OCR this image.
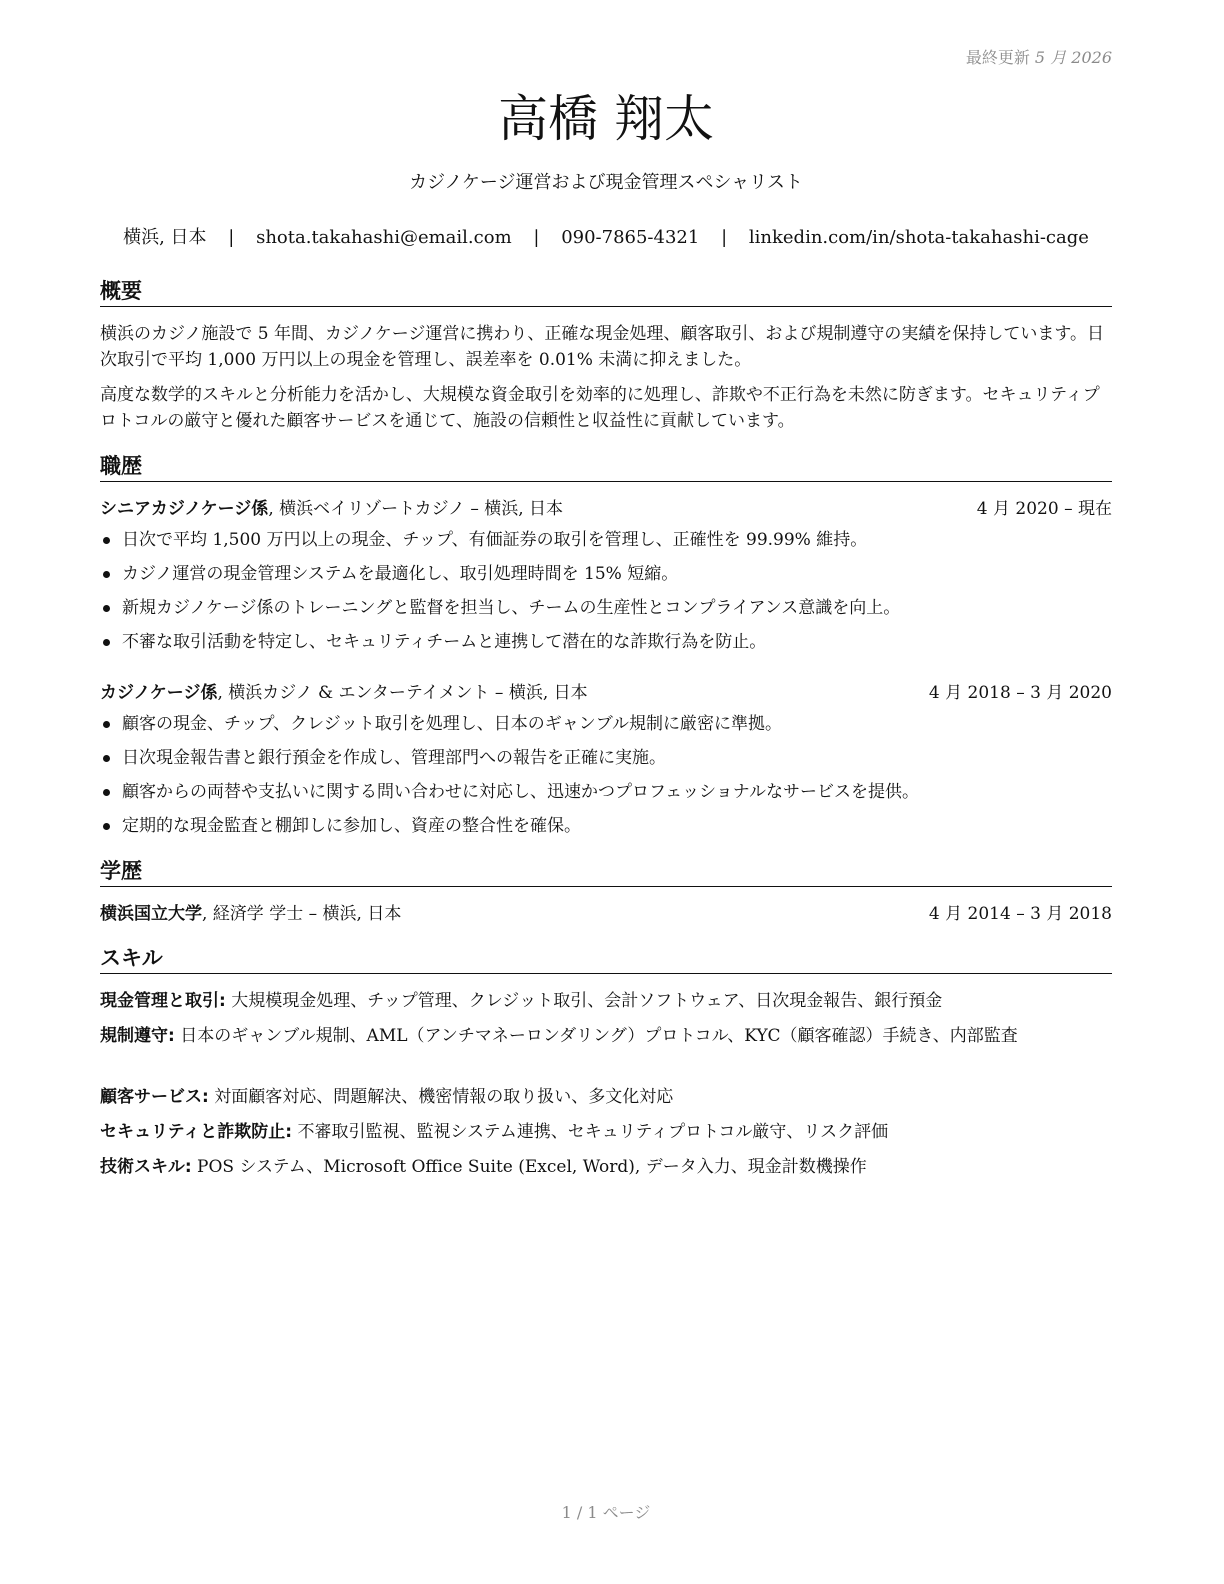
最終更新 5 月 2026
高橋 翔太
カジノケージ運営および現金管理スペシャリスト
横浜, 日本 | shota.takahashi@email.com | 090-7865-4321 | linkedin.com/in/shota-takahashi-cage
概要
横浜のカジノ施設で 5 年間、カジノケージ運営に携わり、正確な現金処理、顧客取引、および規制遵守の実績を保持しています。日次取引で平均 1,000 万円以上の現金を管理し、誤差率を 0.01% 未満に抑えました。
高度な数学的スキルと分析能力を活かし、大規模な資金取引を効率的に処理し、詐欺や不正行為を未然に防ぎます。セキュリティプロトコルの厳守と優れた顧客サービスを通じて、施設の信頼性と収益性に貢献しています。
職歴
シニアカジノケージ係, 横浜ベイリゾートカジノ – 横浜, 日本	4 月 2020 – 現在
日次で平均 1,500 万円以上の現金、チップ、有価証券の取引を管理し、正確性を 99.99% 維持。
カジノ運営の現金管理システムを最適化し、取引処理時間を 15% 短縮。
新規カジノケージ係のトレーニングと監督を担当し、チームの生産性とコンプライアンス意識を向上。
不審な取引活動を特定し、セキュリティチームと連携して潜在的な詐欺行為を防止。
カジノケージ係, 横浜カジノ & エンターテイメント – 横浜, 日本	4 月 2018 – 3 月 2020
顧客の現金、チップ、クレジット取引を処理し、日本のギャンブル規制に厳密に準拠。
日次現金報告書と銀行預金を作成し、管理部門への報告を正確に実施。
顧客からの両替や支払いに関する問い合わせに対応し、迅速かつプロフェッショナルなサービスを提供。
定期的な現金監査と棚卸しに参加し、資産の整合性を確保。
学歴
横浜国立大学, 経済学 学士 – 横浜, 日本	4 月 2014 – 3 月 2018
スキル
現金管理と取引: 大規模現金処理、チップ管理、クレジット取引、会計ソフトウェア、日次現金報告、銀行預金
規制遵守: 日本のギャンブル規制、AML（アンチマネーロンダリング）プロトコル、KYC（顧客確認）手続き、内部監査
顧客サービス: 対面顧客対応、問題解決、機密情報の取り扱い、多文化対応
セキュリティと詐欺防止: 不審取引監視、監視システム連携、セキュリティプロトコル厳守、リスク評価
技術スキル: POS システム、Microsoft Office Suite (Excel, Word), データ入力、現金計数機操作
1 / 1 ページ
